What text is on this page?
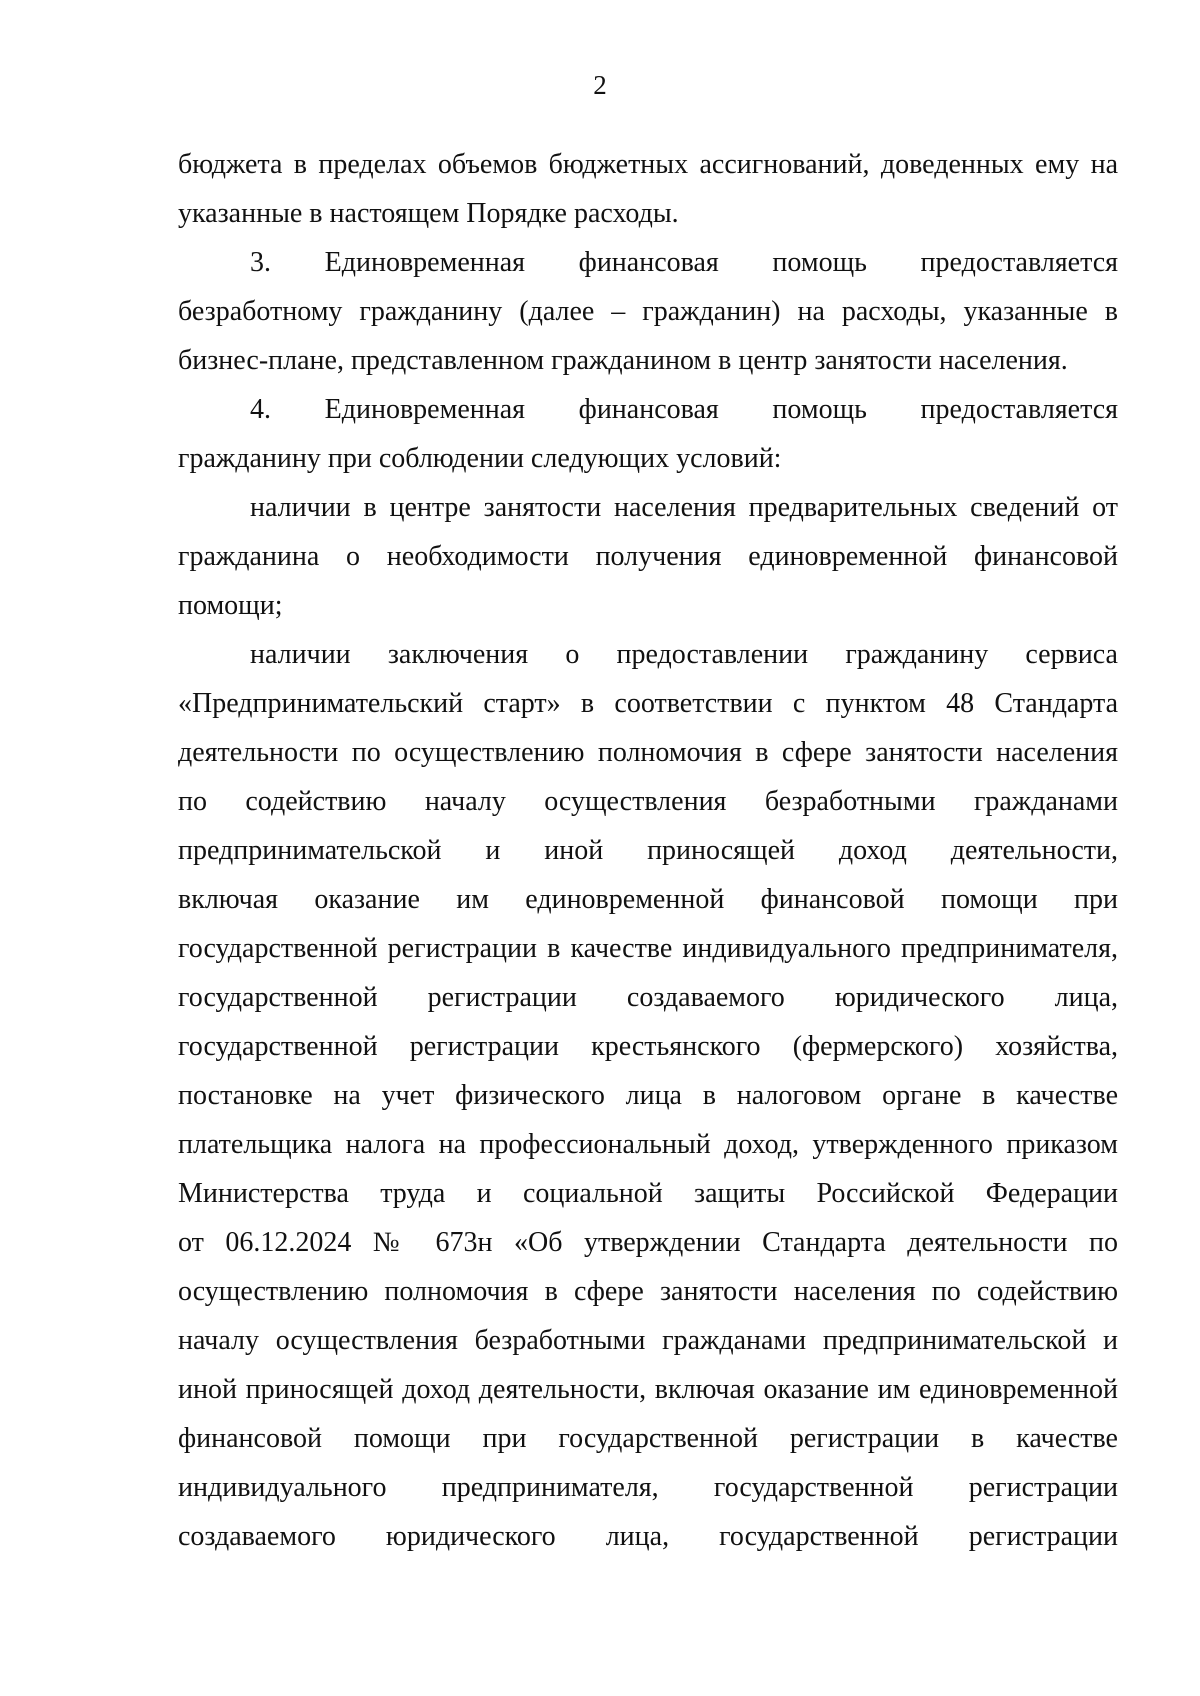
2
бюджета в пределах объемов бюджетных ассигнований, доведенных ему на
указанные в настоящем Порядке расходы.
3. Единовременная финансовая помощь предоставляется
безработному гражданину (далее – гражданин) на расходы, указанные в
бизнес-плане, представленном гражданином в центр занятости населения.
4. Единовременная финансовая помощь предоставляется
гражданину при соблюдении следующих условий:
наличии в центре занятости населения предварительных сведений от
гражданина о необходимости получения единовременной финансовой
помощи;
наличии заключения о предоставлении гражданину сервиса
«Предпринимательский старт» в соответствии с пунктом 48 Стандарта
деятельности по осуществлению полномочия в сфере занятости населения
по содействию началу осуществления безработными гражданами
предпринимательской и иной приносящей доход деятельности,
включая оказание им единовременной финансовой помощи при
государственной регистрации в качестве индивидуального предпринимателя,
государственной регистрации создаваемого юридического лица,
государственной регистрации крестьянского (фермерского) хозяйства,
постановке на учет физического лица в налоговом органе в качестве
плательщика налога на профессиональный доход, утвержденного приказом
Министерства труда и социальной защиты Российской Федерации
от 06.12.2024 № 673н «Об утверждении Стандарта деятельности по
осуществлению полномочия в сфере занятости населения по содействию
началу осуществления безработными гражданами предпринимательской и
иной приносящей доход деятельности, включая оказание им единовременной
финансовой помощи при государственной регистрации в качестве
индивидуального предпринимателя, государственной регистрации
создаваемого юридического лица, государственной регистрации
